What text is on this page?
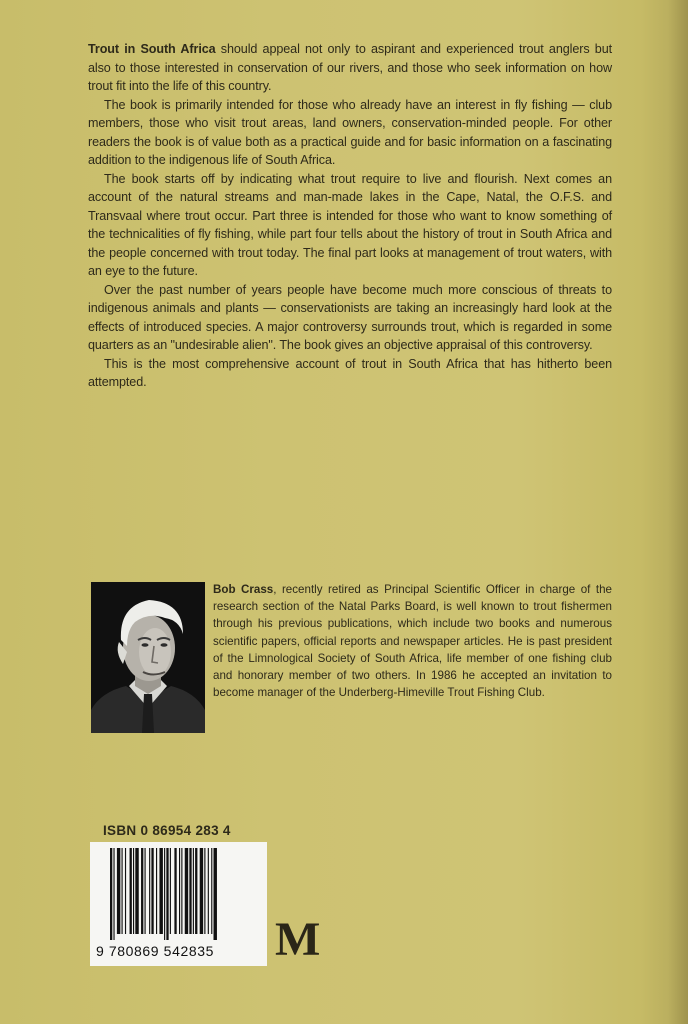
Trout in South Africa should appeal not only to aspirant and experienced trout anglers but also to those interested in conservation of our rivers, and those who seek information on how trout fit into the life of this country.

The book is primarily intended for those who already have an interest in fly fishing — club members, those who visit trout areas, land owners, conservation-minded people. For other readers the book is of value both as a practical guide and for basic information on a fascinating addition to the indigenous life of South Africa.

The book starts off by indicating what trout require to live and flourish. Next comes an account of the natural streams and man-made lakes in the Cape, Natal, the O.F.S. and Transvaal where trout occur. Part three is intended for those who want to know something of the technicalities of fly fishing, while part four tells about the history of trout in South Africa and the people concerned with trout today. The final part looks at management of trout waters, with an eye to the future.

Over the past number of years people have become much more conscious of threats to indigenous animals and plants — conservationists are taking an increasingly hard look at the effects of introduced species. A major controversy surrounds trout, which is regarded in some quarters as an "undesirable alien". The book gives an objective appraisal of this controversy.

This is the most comprehensive account of trout in South Africa that has hitherto been attempted.

Bob Crass, recently retired as Principal Scientific Officer in charge of the research section of the Natal Parks Board, is well known to trout fishermen through his previous publications, which include two books and numerous scientific papers, official reports and newspaper articles. He is past president of the Limnological Society of South Africa, life member of one fishing club and honorary member of two others. In 1986 he accepted an invitation to become manager of the Underberg-Himeville Trout Fishing Club.
ISBN 0 86954 283 4
9 780869 542835	M
